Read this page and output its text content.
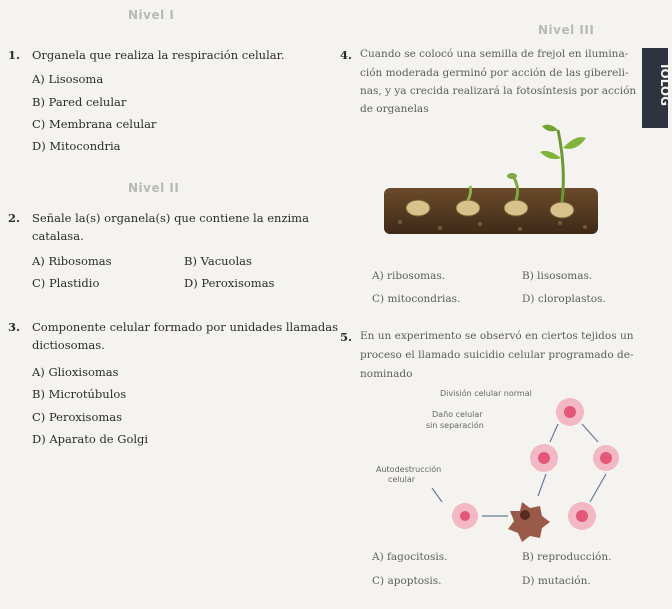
Nivel I
Nivel III
Nivel II
IOLOG
1. Organela que realiza la respiración celular.
A) Lisosoma
B) Pared celular
C) Membrana celular
D) Mitocondria
2. Señale la(s) organela(s) que contiene la enzima
catalasa.
A) Ribosomas	B) Vacuolas
C) Plastidio	D) Peroxisomas
3. Componente celular formado por unidades llamadas
dictiosomas.
A) Glioxisomas
B) Microtúbulos
C) Peroxisomas
D) Aparato de Golgi
4. Cuando se colocó una semilla de frejol en ilumina-
ción moderada germinó por acción de las gibereli-
nas, y ya crecida realizará la fotosíntesis por acción
de organelas
A) ribosomas.	B) lisosomas.
C) mitocondrias.	D) cloroplastos.
5. En un experimento se observó en ciertos tejidos un
proceso el llamado suicidio celular programado de-
nominado
División celular normal
Daño celular
sin separación
Autodestrucción
celular
A) fagocitosis.	B) reproducción.
C) apoptosis.	D) mutación.
